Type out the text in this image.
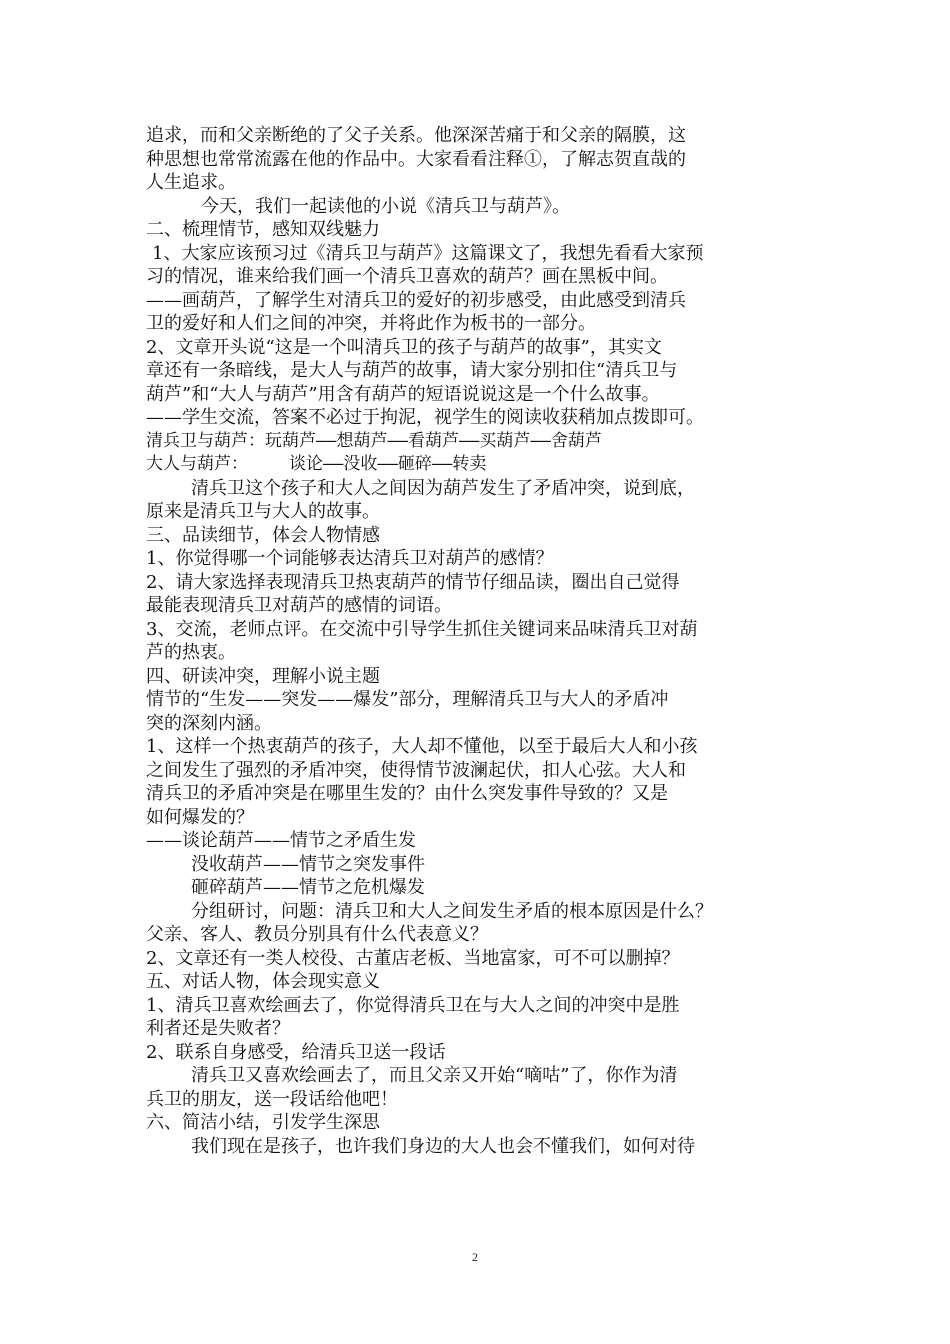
追求，而和父亲断绝的了父子关系。他深深苦痛于和父亲的隔膜，这
种思想也常常流露在他的作品中。大家看看注释①，了解志贺直哉的
人生追求。
今天，我们一起读他的小说《清兵卫与葫芦》。
二、梳理情节，感知双线魅力
1、大家应该预习过《清兵卫与葫芦》这篇课文了，我想先看看大家预
习的情况，谁来给我们画一个清兵卫喜欢的葫芦？画在黑板中间。
——画葫芦，了解学生对清兵卫的爱好的初步感受，由此感受到清兵
卫的爱好和人们之间的冲突，并将此作为板书的一部分。
2、文章开头说“这是一个叫清兵卫的孩子与葫芦的故事”，其实文
章还有一条暗线，是大人与葫芦的故事，请大家分别扣住“清兵卫与
葫芦”和“大人与葫芦”用含有葫芦的短语说说这是一个什么故事。
——学生交流，答案不必过于拘泥，视学生的阅读收获稍加点拨即可。
清兵卫与葫芦：玩葫芦——想葫芦——看葫芦——买葫芦——舍葫芦
大人与葫芦：    谈论——没收——砸碎——转卖
清兵卫这个孩子和大人之间因为葫芦发生了矛盾冲突，说到底，
原来是清兵卫与大人的故事。
三、品读细节，体会人物情感
1、你觉得哪一个词能够表达清兵卫对葫芦的感情？
2、请大家选择表现清兵卫热衷葫芦的情节仔细品读，圈出自己觉得
最能表现清兵卫对葫芦的感情的词语。
3、交流，老师点评。在交流中引导学生抓住关键词来品味清兵卫对葫
芦的热衷。
四、研读冲突，理解小说主题
情节的“生发——突发——爆发”部分，理解清兵卫与大人的矛盾冲
突的深刻内涵。
1、这样一个热衷葫芦的孩子，大人却不懂他，以至于最后大人和小孩
之间发生了强烈的矛盾冲突，使得情节波澜起伏，扣人心弦。大人和
清兵卫的矛盾冲突是在哪里生发的？由什么突发事件导致的？又是
如何爆发的？
——谈论葫芦——情节之矛盾生发
没收葫芦——情节之突发事件
砸碎葫芦——情节之危机爆发
分组研讨，问题：清兵卫和大人之间发生矛盾的根本原因是什么？
父亲、客人、教员分别具有什么代表意义？
2、文章还有一类人校役、古董店老板、当地富家，可不可以删掉？
五、对话人物，体会现实意义
1、清兵卫喜欢绘画去了，你觉得清兵卫在与大人之间的冲突中是胜
利者还是失败者？
2、联系自身感受，给清兵卫送一段话
清兵卫又喜欢绘画去了，而且父亲又开始“嘀咕”了，你作为清
兵卫的朋友，送一段话给他吧！
六、简洁小结，引发学生深思
我们现在是孩子，也许我们身边的大人也会不懂我们，如何对待
2
